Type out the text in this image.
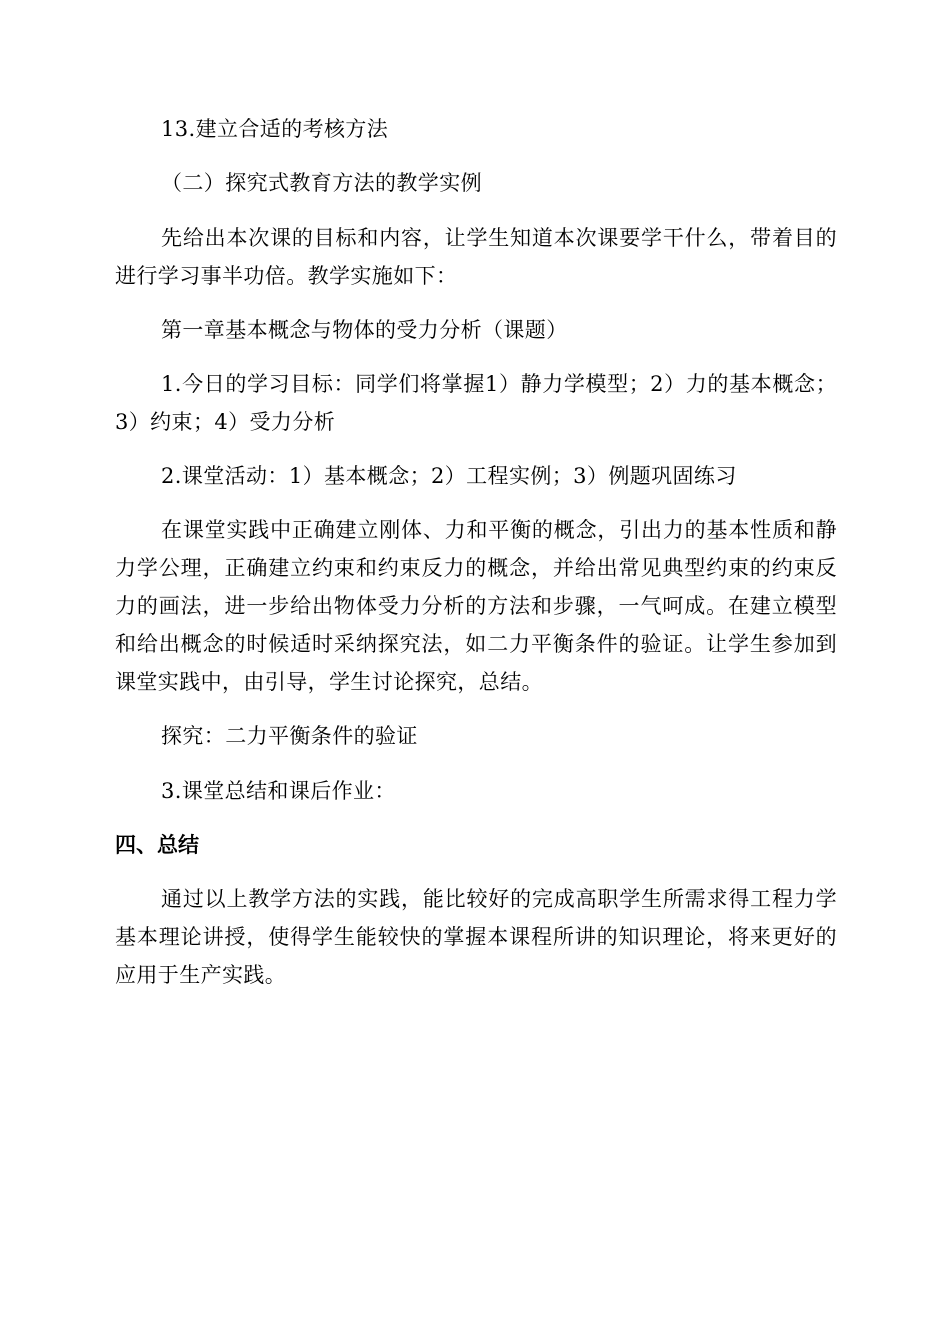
13.建立合适的考核方法

（二）探究式教育方法的教学实例

先给出本次课的目标和内容，让学生知道本次课要学干什么，带着目的进行学习事半功倍。教学实施如下：

第一章基本概念与物体的受力分析（课题）

1.今日的学习目标：同学们将掌握1）静力学模型；2）力的基本概念；3）约束；4）受力分析

2.课堂活动：1）基本概念；2）工程实例；3）例题巩固练习

在课堂实践中正确建立刚体、力和平衡的概念，引出力的基本性质和静力学公理，正确建立约束和约束反力的概念，并给出常见典型约束的约束反力的画法，进一步给出物体受力分析的方法和步骤，一气呵成。在建立模型和给出概念的时候适时采纳探究法，如二力平衡条件的验证。让学生参加到课堂实践中，由引导，学生讨论探究，总结。

探究：二力平衡条件的验证

3.课堂总结和课后作业：

四、总结

通过以上教学方法的实践，能比较好的完成高职学生所需求得工程力学基本理论讲授，使得学生能较快的掌握本课程所讲的知识理论，将来更好的应用于生产实践。
